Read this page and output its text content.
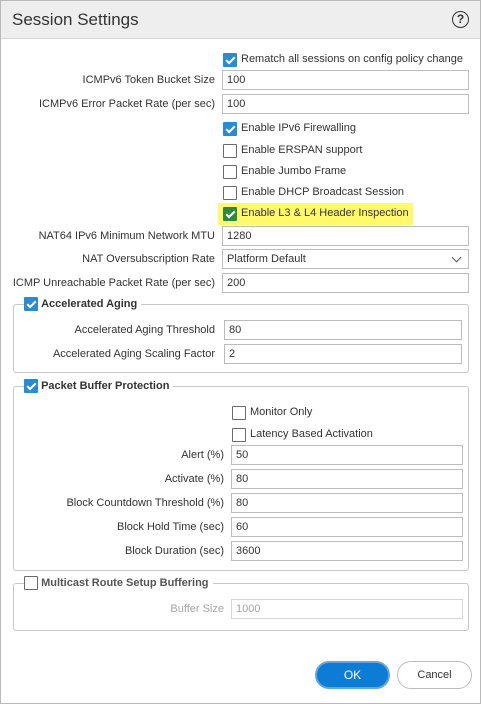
Session Settings	?
Rematch all sessions on config policy change
ICMPv6 Token Bucket Size	100
ICMPv6 Error Packet Rate (per sec)	100
Enable IPv6 Firewalling
Enable ERSPAN support
Enable Jumbo Frame
Enable DHCP Broadcast Session
Enable L3 & L4 Header Inspection
NAT64 IPv6 Minimum Network MTU	1280
NAT Oversubscription Rate	Platform Default
ICMP Unreachable Packet Rate (per sec)	200
Accelerated Aging
Accelerated Aging Threshold	80
Accelerated Aging Scaling Factor	2
Packet Buffer Protection
Monitor Only
Latency Based Activation
Alert (%)	50
Activate (%)	80
Block Countdown Threshold (%)	80
Block Hold Time (sec)	60
Block Duration (sec)	3600
Multicast Route Setup Buffering
Buffer Size	1000
OK	Cancel
